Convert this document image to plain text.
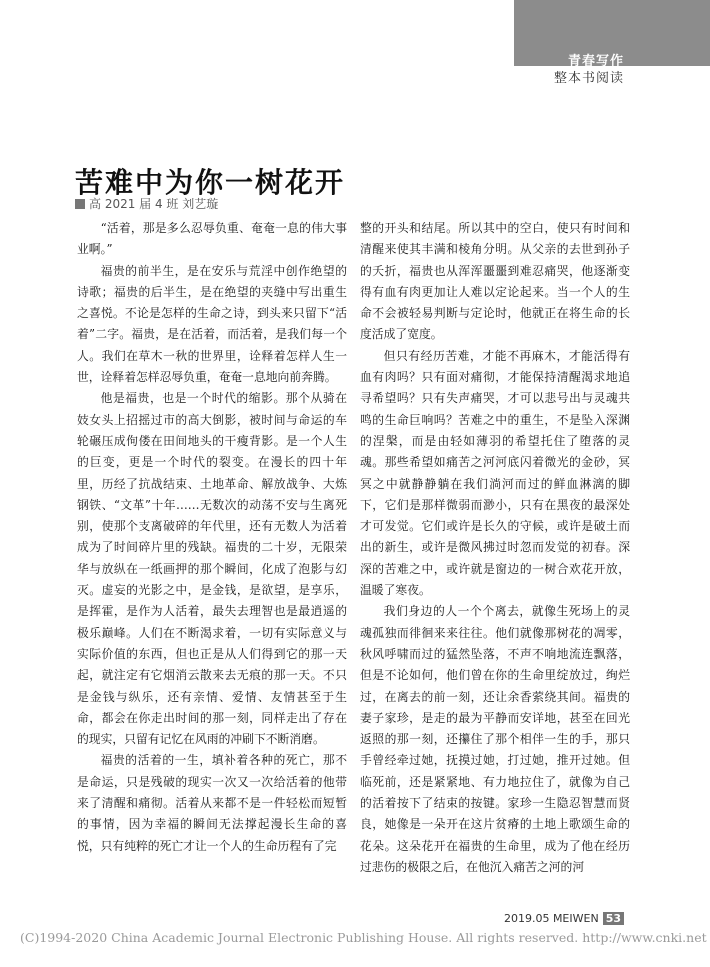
青春写作
整本书阅读
苦难中为你一树花开
高 2021 届 4 班 刘艺璇

“活着，那是多么忍辱负重、奄奄一息的伟大事业啊。”

福贵的前半生，是在安乐与荒淫中创作绝望的诗歌；福贵的后半生，是在绝望的夹缝中写出重生之喜悦。不论是怎样的生命之诗，到头来只留下“活着”二字。福贵，是在活着，而活着，是我们每一个人。我们在草木一秋的世界里，诠释着怎样人生一世，诠释着怎样忍辱负重，奄奄一息地向前奔腾。

他是福贵，也是一个时代的缩影。那个从骑在妓女头上招摇过市的高大倒影，被时间与命运的车轮碾压成佝偻在田间地头的干瘦背影。是一个人生的巨变，更是一个时代的裂变。在漫长的四十年里，历经了抗战结束、土地革命、解放战争、大炼钢铁、“文革”十年……无数次的动荡不安与生离死别，使那个支离破碎的年代里，还有无数人为活着成为了时间碎片里的残缺。福贵的二十岁，无限荣华与放纵在一纸画押的那个瞬间，化成了泡影与幻灭。虚妄的光影之中，是金钱，是欲望，是享乐，是挥霍，是作为人活着，最失去理智也是最逍遥的极乐巅峰。人们在不断渴求着，一切有实际意义与实际价值的东西，但也正是从人们得到它的那一天起，就注定有它烟消云散来去无痕的那一天。不只是金钱与纵乐，还有亲情、爱情、友情甚至于生命，都会在你走出时间的那一刻，同样走出了存在的现实，只留有记忆在风雨的冲刷下不断消磨。

福贵的活着的一生，填补着各种的死亡，那不是命运，只是残破的现实一次又一次给活着的他带来了清醒和痛彻。活着从来都不是一件轻松而短暂的事情，因为幸福的瞬间无法撑起漫长生命的喜悦，只有纯粹的死亡才让一个人的生命历程有了完

整的开头和结尾。所以其中的空白，使只有时间和清醒来使其丰满和棱角分明。从父亲的去世到孙子的夭折，福贵也从浑浑噩噩到难忍痛哭，他逐渐变得有血有肉更加让人难以定论起来。当一个人的生命不会被轻易判断与定论时，他就正在将生命的长度活成了宽度。

但只有经历苦难，才能不再麻木，才能活得有血有肉吗？只有面对痛彻，才能保持清醒渴求地追寻希望吗？只有失声痛哭，才可以悲号出与灵魂共鸣的生命巨响吗？苦难之中的重生，不是坠入深渊的涅槃，而是由轻如薄羽的希望托住了堕落的灵魂。那些希望如痛苦之河河底闪着微光的金砂，冥冥之中就静静躺在我们淌河而过的鲜血淋漓的脚下，它们是那样微弱而渺小，只有在黑夜的最深处才可发觉。它们或许是长久的守候，或许是破土而出的新生，或许是微风拂过时忽而发觉的初春。深深的苦难之中，或许就是窗边的一树合欢花开放，温暖了寒夜。

我们身边的人一个个离去，就像生死场上的灵魂孤独而徘徊来来往往。他们就像那树花的凋零，秋风呼啸而过的猛然坠落，不声不响地流连飘落，但是不论如何，他们曾在你的生命里绽放过，绚烂过，在离去的前一刻，还让余香萦绕其间。福贵的妻子家珍，是走的最为平静而安详地，甚至在回光返照的那一刻，还攥住了那个相伴一生的手，那只手曾经牵过她，抚摸过她，打过她，推开过她。但临死前，还是紧紧地、有力地拉住了，就像为自己的活着按下了结束的按键。家珍一生隐忍智慧而贤良，她像是一朵开在这片贫瘠的土地上歌颂生命的花朵。这朵花开在福贵的生命里，成为了他在经历过悲伤的极限之后，在他沉入痛苦之河的河

2019.05 MEIWEN 53
(C)1994-2020 China Academic Journal Electronic Publishing House. All rights reserved. http://www.cnki.net
